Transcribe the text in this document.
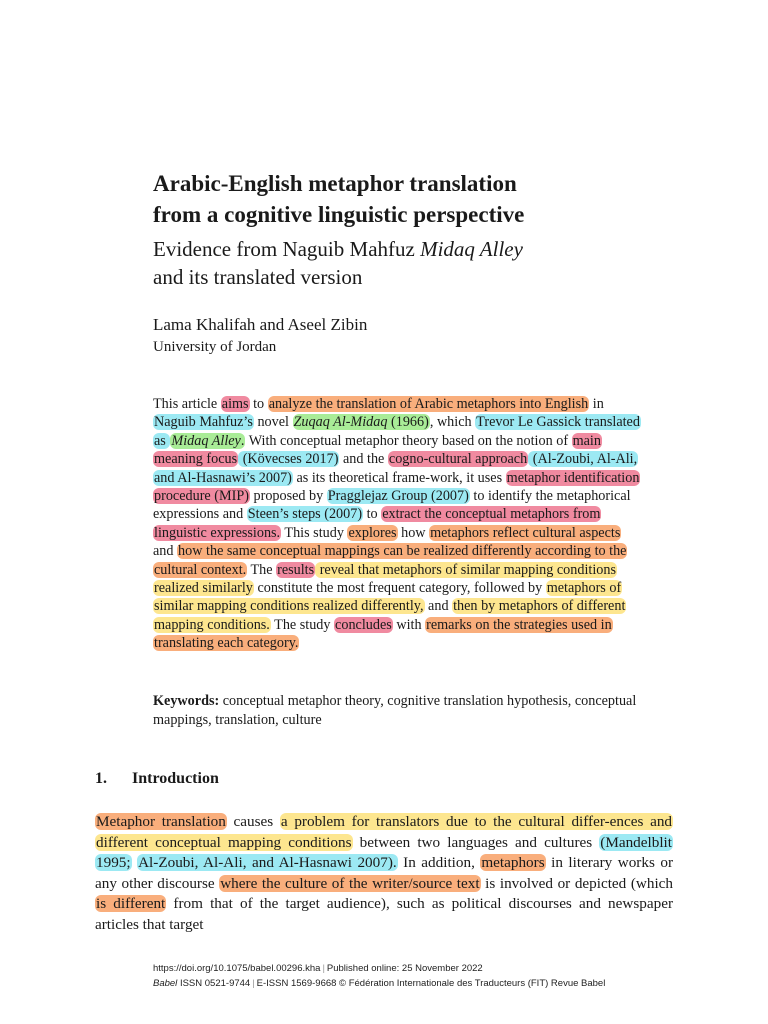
Arabic-English metaphor translation
from a cognitive linguistic perspective
Evidence from Naguib Mahfuz Midaq Alley
and its translated version
Lama Khalifah and Aseel Zibin
University of Jordan
This article aims to analyze the translation of Arabic metaphors into English in Naguib Mahfuz’s novel Zuqaq Al-Midaq (1966), which Trevor Le Gassick translated as Midaq Alley. With conceptual metaphor theory based on the notion of main meaning focus (Kövecses 2017) and the cogno-cultural approach (Al-Zoubi, Al-Ali, and Al-Hasnawi’s 2007) as its theoretical frame-work, it uses metaphor identification procedure (MIP) proposed by Pragglejaz Group (2007) to identify the metaphorical expressions and Steen’s steps (2007) to extract the conceptual metaphors from linguistic expressions. This study explores how metaphors reflect cultural aspects and how the same conceptual mappings can be realized differently according to the cultural context. The results reveal that metaphors of similar mapping conditions realized similarly constitute the most frequent category, followed by metaphors of similar mapping conditions realized differently, and then by metaphors of different mapping conditions. The study concludes with remarks on the strategies used in translating each category.
Keywords: conceptual metaphor theory, cognitive translation hypothesis, conceptual mappings, translation, culture
1. Introduction
Metaphor translation causes a problem for translators due to the cultural differ-ences and different conceptual mapping conditions between two languages and cultures (Mandelblit 1995; Al-Zoubi, Al-Ali, and Al-Hasnawi 2007). In addition, metaphors in literary works or any other discourse where the culture of the writer/source text is involved or depicted (which is different from that of the target audience), such as political discourses and newspaper articles that target
https://doi.org/10.1075/babel.00296.kha | Published online: 25 November 2022
Babel ISSN 0521-9744 | E-ISSN 1569-9668 © Fédération Internationale des Traducteurs (FIT) Revue Babel
